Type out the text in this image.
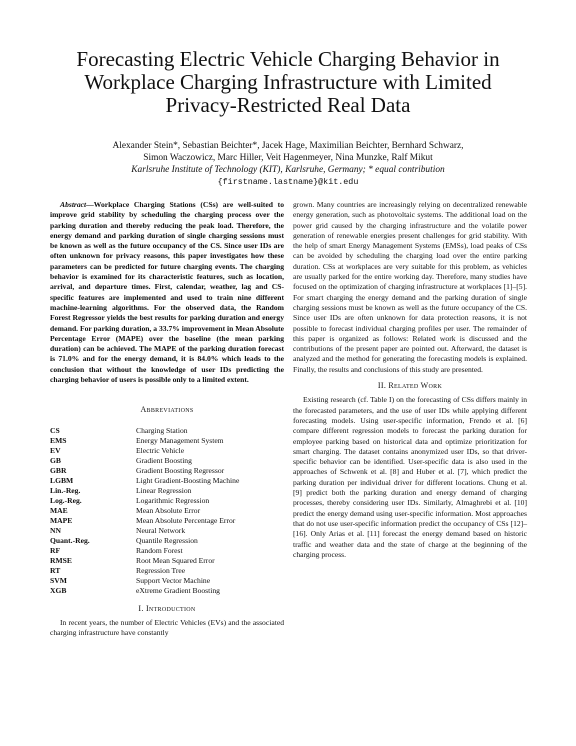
Forecasting Electric Vehicle Charging Behavior in
Workplace Charging Infrastructure with Limited
Privacy-Restricted Real Data
Alexander Stein*, Sebastian Beichter*, Jacek Hage, Maximilian Beichter, Bernhard Schwarz,
Simon Waczowicz, Marc Hiller, Veit Hagenmeyer, Nina Munzke, Ralf Mikut
Karlsruhe Institute of Technology (KIT), Karlsruhe, Germany; * equal contribution
{firstname.lastname}@kit.edu

Abstract—Workplace Charging Stations (CSs) are well-suited to improve grid stability by scheduling the charging process over the parking duration and thereby reducing the peak load. Therefore, the energy demand and parking duration of single charging sessions must be known as well as the future occupancy of the CS. Since user IDs are often unknown for privacy reasons, this paper investigates how these parameters can be predicted for future charging events. The charging behavior is examined for its characteristic features, such as location, arrival, and departure times. First, calendar, weather, lag and CS-specific features are implemented and used to train nine different machine-learning algorithms. For the observed data, the Random Forest Regressor yields the best results for parking duration and energy demand. For parking duration, a 33.7% improvement in Mean Absolute Percentage Error (MAPE) over the baseline (the mean parking duration) can be achieved. The MAPE of the parking duration forecast is 71.0% and for the energy demand, it is 84.0% which leads to the conclusion that without the knowledge of user IDs predicting the charging behavior of users is possible only to a limited extent.

Abbreviations

CS	Charging Station
EMS	Energy Management System
EV	Electric Vehicle
GB	Gradient Boosting
GBR	Gradient Boosting Regressor
LGBM	Light Gradient-Boosting Machine
Lin.-Reg.	Linear Regression
Log.-Reg.	Logarithmic Regression
MAE	Mean Absolute Error
MAPE	Mean Absolute Percentage Error
NN	Neural Network
Quant.-Reg.	Quantile Regression
RF	Random Forest
RMSE	Root Mean Squared Error
RT	Regression Tree
SVM	Support Vector Machine
XGB	eXtreme Gradient Boosting

I. Introduction

In recent years, the number of Electric Vehicles (EVs) and the associated charging infrastructure have constantly

grown. Many countries are increasingly relying on decentralized renewable energy generation, such as photovoltaic systems. The additional load on the power grid caused by the charging infrastructure and the volatile power generation of renewable energies present challenges for grid stability. With the help of smart Energy Management Systems (EMSs), load peaks of CSs can be avoided by scheduling the charging load over the entire parking duration. CSs at workplaces are very suitable for this problem, as vehicles are usually parked for the entire working day. Therefore, many studies have focused on the optimization of charging infrastructure at workplaces [1]–[5]. For smart charging the energy demand and the parking duration of single charging sessions must be known as well as the future occupancy of the CS. Since user IDs are often unknown for data protection reasons, it is not possible to forecast individual charging profiles per user. The remainder of this paper is organized as follows: Related work is discussed and the contributions of the present paper are pointed out. Afterward, the dataset is analyzed and the method for generating the forecasting models is explained. Finally, the results and conclusions of this study are presented.

II. Related Work

Existing research (cf. Table I) on the forecasting of CSs differs mainly in the forecasted parameters, and the use of user IDs while applying different forecasting models. Using user-specific information, Frendo et al. [6] compare different regression models to forecast the parking duration for employee parking based on historical data and optimize prioritization for smart charging. The dataset contains anonymized user IDs, so that driver-specific behavior can be identified. User-specific data is also used in the approaches of Schwenk et al. [8] and Huber et al. [7], which predict the parking duration per individual driver for different locations. Chung et al. [9] predict both the parking duration and energy demand of charging processes, thereby considering user IDs. Similarly, Almaghrebi et al. [10] predict the energy demand using user-specific information. Most approaches that do not use user-specific information predict the occupancy of CSs [12]–[16]. Only Arias et al. [11] forecast the energy demand based on historic traffic and weather data and the state of charge at the beginning of the charging process.
